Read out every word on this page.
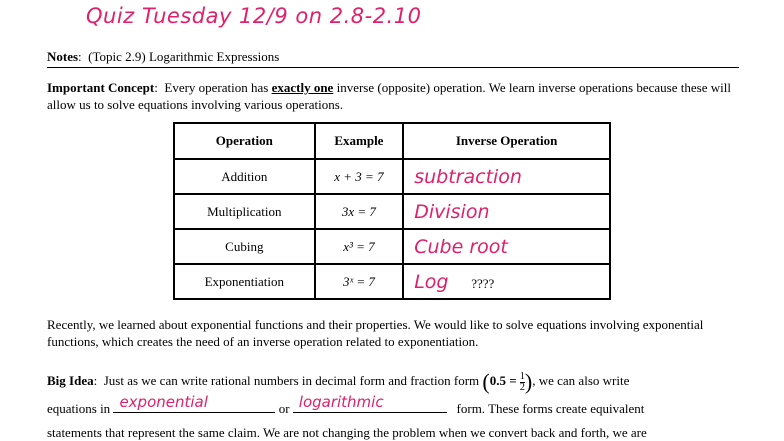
Quiz Tuesday 12/9 on 2.8-2.10
Notes:  (Topic 2.9) Logarithmic Expressions
Important Concept:  Every operation has exactly one inverse (opposite) operation. We learn inverse operations because these will allow us to solve equations involving various operations.
Operation	Example	Inverse Operation
Addition	x + 3 = 7	subtraction
Multiplication	3x = 7	Division
Cubing	x³ = 7	Cube root
Exponentiation	3ˣ = 7	Log ????
Recently, we learned about exponential functions and their properties. We would like to solve equations involving exponential functions, which creates the need of an inverse operation related to exponentiation.
Big Idea:  Just as we can write rational numbers in decimal form and fraction form ($0.5 = \frac{1}{2}$ ), we can also write
equations in exponential	or logarithmic	form. These forms create equivalent
statements that represent the same claim. We are not changing the problem when we convert back and forth, we are
